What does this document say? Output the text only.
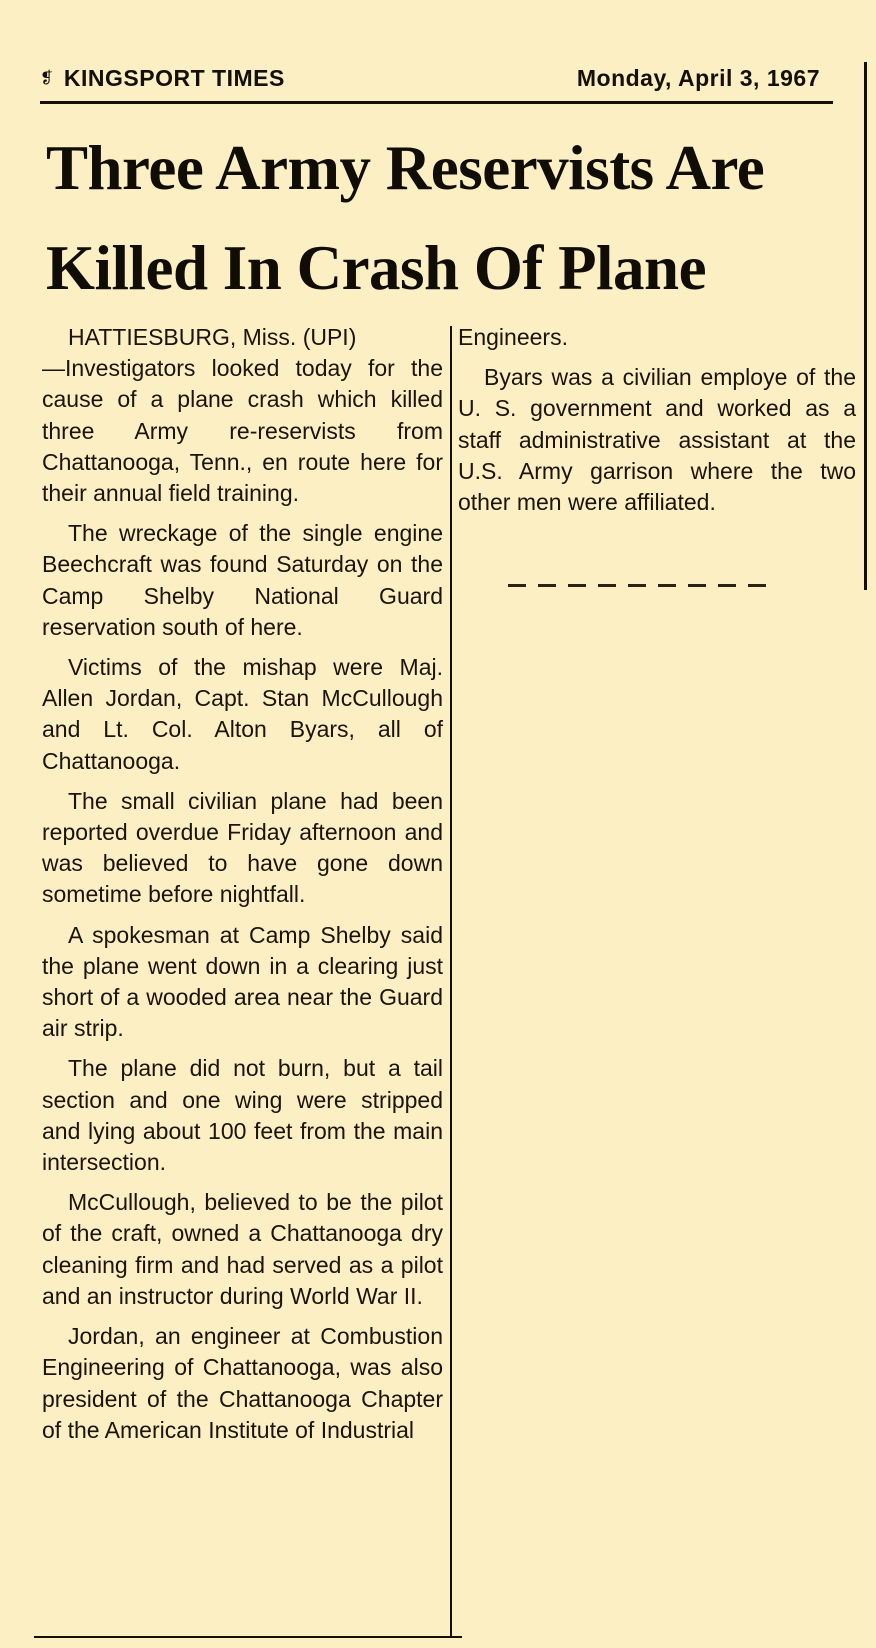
❡ KINGSPORT TIMES	Monday, April 3, 1967
Three Army Reservists Are Killed In Crash Of Plane

HATTIESBURG, Miss. (UPI)
—Investigators looked today for the cause of a plane crash which killed three Army re-reservists from Chattanooga, Tenn., en route here for their annual field training.

The wreckage of the single engine Beechcraft was found Saturday on the Camp Shelby National Guard reservation south of here.

Victims of the mishap were Maj. Allen Jordan, Capt. Stan McCullough and Lt. Col. Alton Byars, all of Chattanooga.

The small civilian plane had been reported overdue Friday afternoon and was believed to have gone down sometime before nightfall.

A spokesman at Camp Shelby said the plane went down in a clearing just short of a wooded area near the Guard air strip.

The plane did not burn, but a tail section and one wing were stripped and lying about 100 feet from the main intersection.

McCullough, believed to be the pilot of the craft, owned a Chattanooga dry cleaning firm and had served as a pilot and an instructor during World War II.

Jordan, an engineer at Combustion Engineering of Chattanooga, was also president of the Chattanooga Chapter of the American Institute of Industrial

Engineers.

Byars was a civilian employe of the U. S. government and worked as a staff administrative assistant at the U.S. Army garrison where the two other men were affiliated.
